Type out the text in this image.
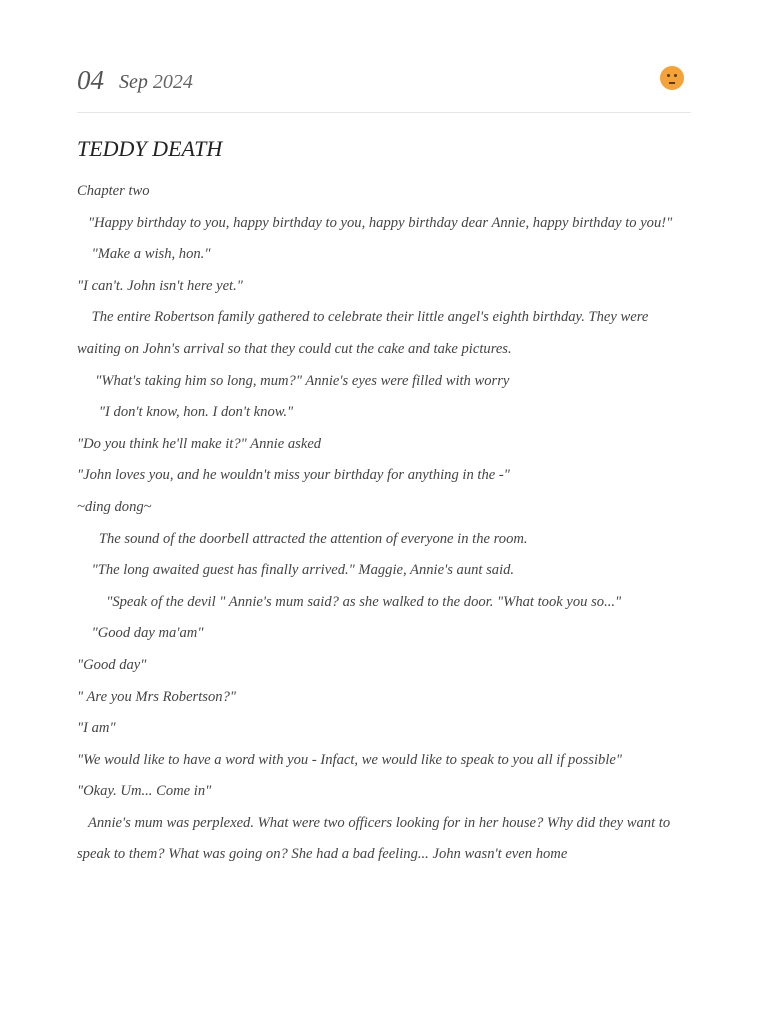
04 Sep 2024
TEDDY DEATH

Chapter two

"Happy birthday to you, happy birthday to you, happy birthday dear Annie, happy birthday to you!"

"Make a wish, hon."

"I can't. John isn't here yet."

The entire Robertson family gathered to celebrate their little angel's eighth birthday. They were waiting on John's arrival so that they could cut the cake and take pictures.

"What's taking him so long, mum?" Annie's eyes were filled with worry

"I don't know, hon. I don't know."

"Do you think he'll make it?" Annie asked

"John loves you, and he wouldn't miss your birthday for anything in the -"

~ding dong~

The sound of the doorbell attracted the attention of everyone in the room.

"The long awaited guest has finally arrived." Maggie, Annie's aunt said.

"Speak of the devil " Annie's mum said? as she walked to the door. "What took you so..."

"Good day ma'am"

"Good day"

" Are you Mrs Robertson?"

"I am"

"We would like to have a word with you - Infact, we would like to speak to you all if possible"

"Okay. Um... Come in"

Annie's mum was perplexed. What were two officers looking for in her house? Why did they want to speak to them? What was going on? She had a bad feeling... John wasn't even home
